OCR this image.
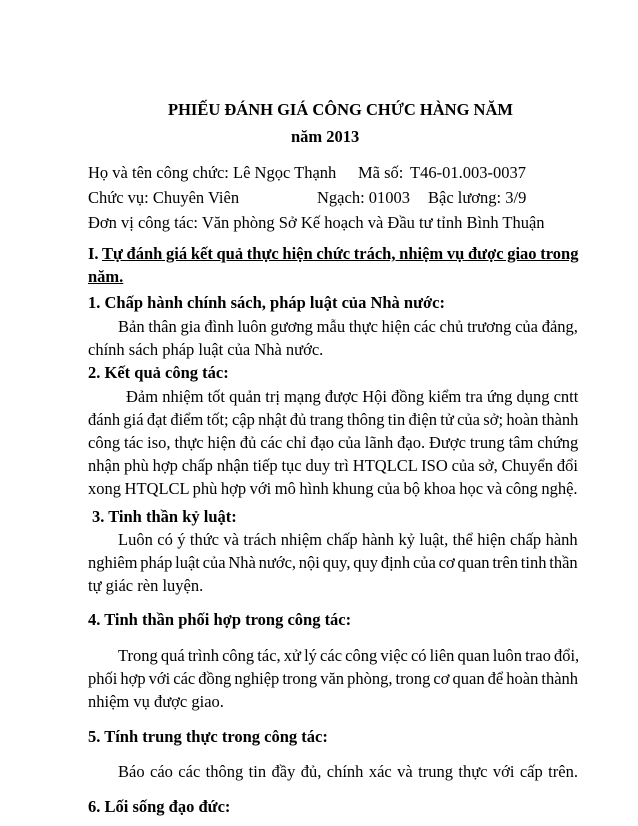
PHIẾU ĐÁNH GIÁ CÔNG CHỨC HÀNG NĂM
năm 2013
Họ và tên công chức: Lê Ngọc Thạnh Mã số: T46-01.003-0037
Chức vụ: Chuyên Viên	Ngạch: 01003 Bậc lương: 3/9
Đơn vị công tác: Văn phòng Sở Kế hoạch và Đầu tư tỉnh Bình Thuận
I. Tự đánh giá kết quả thực hiện chức trách, nhiệm vụ được giao trong
năm.
1. Chấp hành chính sách, pháp luật của Nhà nước:
Bản thân gia đình luôn gương mẫu thực hiện các chủ trương của đảng,
chính sách pháp luật của Nhà nước.
2. Kết quả công tác:
Đảm nhiệm tốt quản trị mạng được Hội đồng kiểm tra ứng dụng cntt
đánh giá đạt điểm tốt; cập nhật đủ trang thông tin điện tử của sở; hoàn thành
công tác iso, thực hiện đủ các chỉ đạo của lãnh đạo. Được trung tâm chứng
nhận phù hợp chấp nhận tiếp tục duy trì HTQLCL ISO của sở, Chuyển đổi
xong HTQLCL phù hợp với mô hình khung của bộ khoa học và công nghệ.
3. Tinh thần kỷ luật:
Luôn có ý thức và trách nhiệm chấp hành kỷ luật, thể hiện chấp hành
nghiêm pháp luật của Nhà nước, nội quy, quy định của cơ quan trên tinh thần
tự giác rèn luyện.
4. Tinh thần phối hợp trong công tác:
Trong quá trình công tác, xử lý các công việc có liên quan luôn trao đổi,
phối hợp với các đồng nghiệp trong văn phòng, trong cơ quan để hoàn thành
nhiệm vụ được giao.
5. Tính trung thực trong công tác:
Báo cáo các thông tin đầy đủ, chính xác và trung thực với cấp trên.
6. Lối sống đạo đức:
